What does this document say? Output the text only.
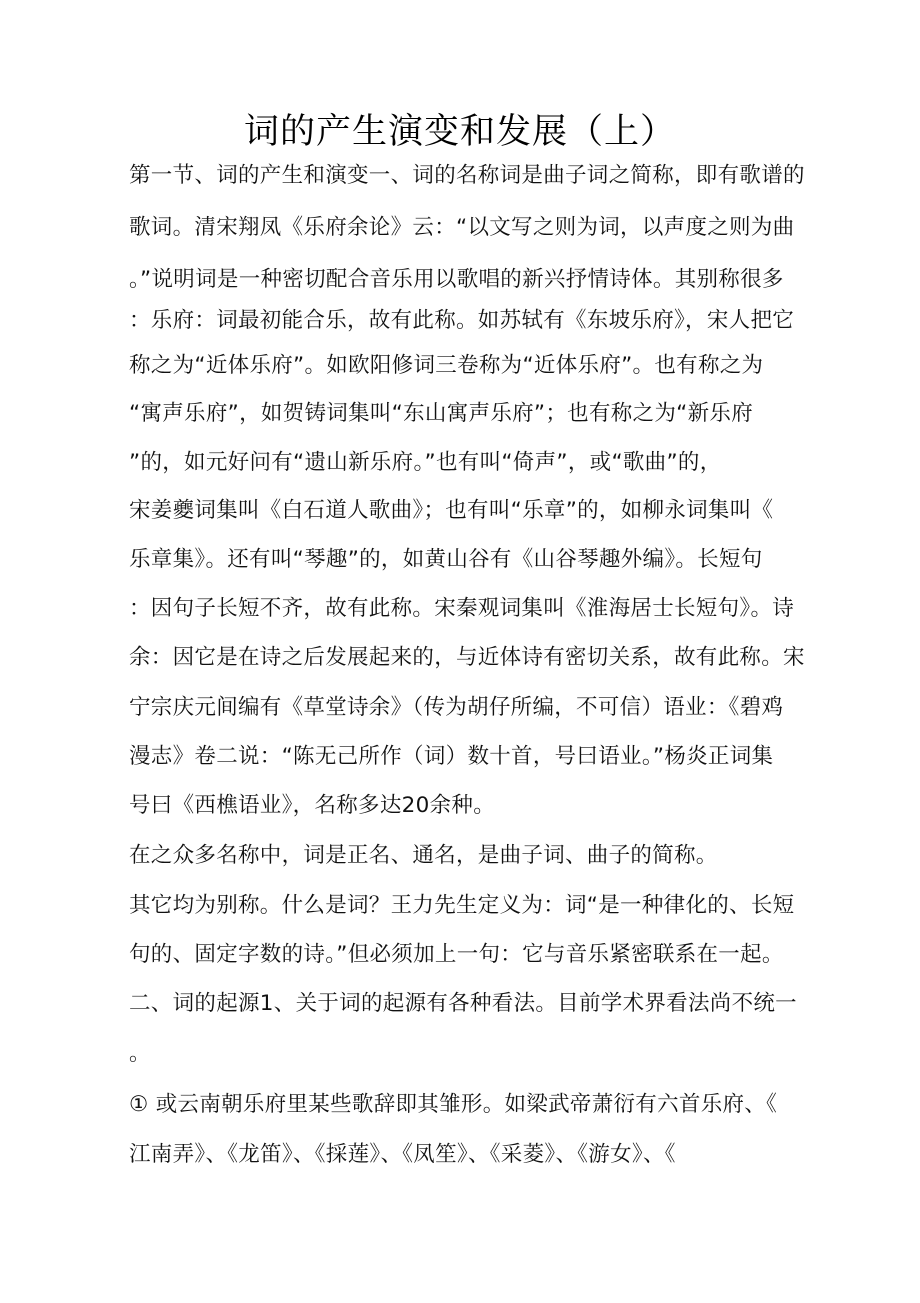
词的产生演变和发展（上）
第一节、词的产生和演变一、词的名称词是曲子词之简称，即有歌谱的
歌词。清宋翔凤《乐府余论》云：“以文写之则为词，以声度之则为曲
。”说明词是一种密切配合音乐用以歌唱的新兴抒情诗体。其别称很多
：乐府：词最初能合乐，故有此称。如苏轼有《东坡乐府》，宋人把它
称之为“近体乐府”。如欧阳修词三卷称为“近体乐府”。也有称之为
“寓声乐府”，如贺铸词集叫“东山寓声乐府”；也有称之为“新乐府
”的，如元好问有“遗山新乐府。”也有叫“倚声”，或“歌曲”的，
宋姜夔词集叫《白石道人歌曲》；也有叫“乐章”的，如柳永词集叫《
乐章集》。还有叫“琴趣”的，如黄山谷有《山谷琴趣外编》。长短句
：因句子长短不齐，故有此称。宋秦观词集叫《淮海居士长短句》。诗
余：因它是在诗之后发展起来的，与近体诗有密切关系，故有此称。宋
宁宗庆元间编有《草堂诗余》（传为胡仔所编，不可信）语业：《碧鸡
漫志》卷二说：“陈无己所作（词）数十首，号曰语业。”杨炎正词集
号曰《西樵语业》，名称多达20余种。
在之众多名称中，词是正名、通名，是曲子词、曲子的简称。
其它均为别称。什么是词？王力先生定义为：词“是一种律化的、长短
句的、固定字数的诗。”但必须加上一句：它与音乐紧密联系在一起。
二、词的起源1、关于词的起源有各种看法。目前学术界看法尚不统一
。
① 或云南朝乐府里某些歌辞即其雏形。如梁武帝萧衍有六首乐府、《
江南弄》、《龙笛》、《採莲》、《凤笙》、《采菱》、《游女》、《
